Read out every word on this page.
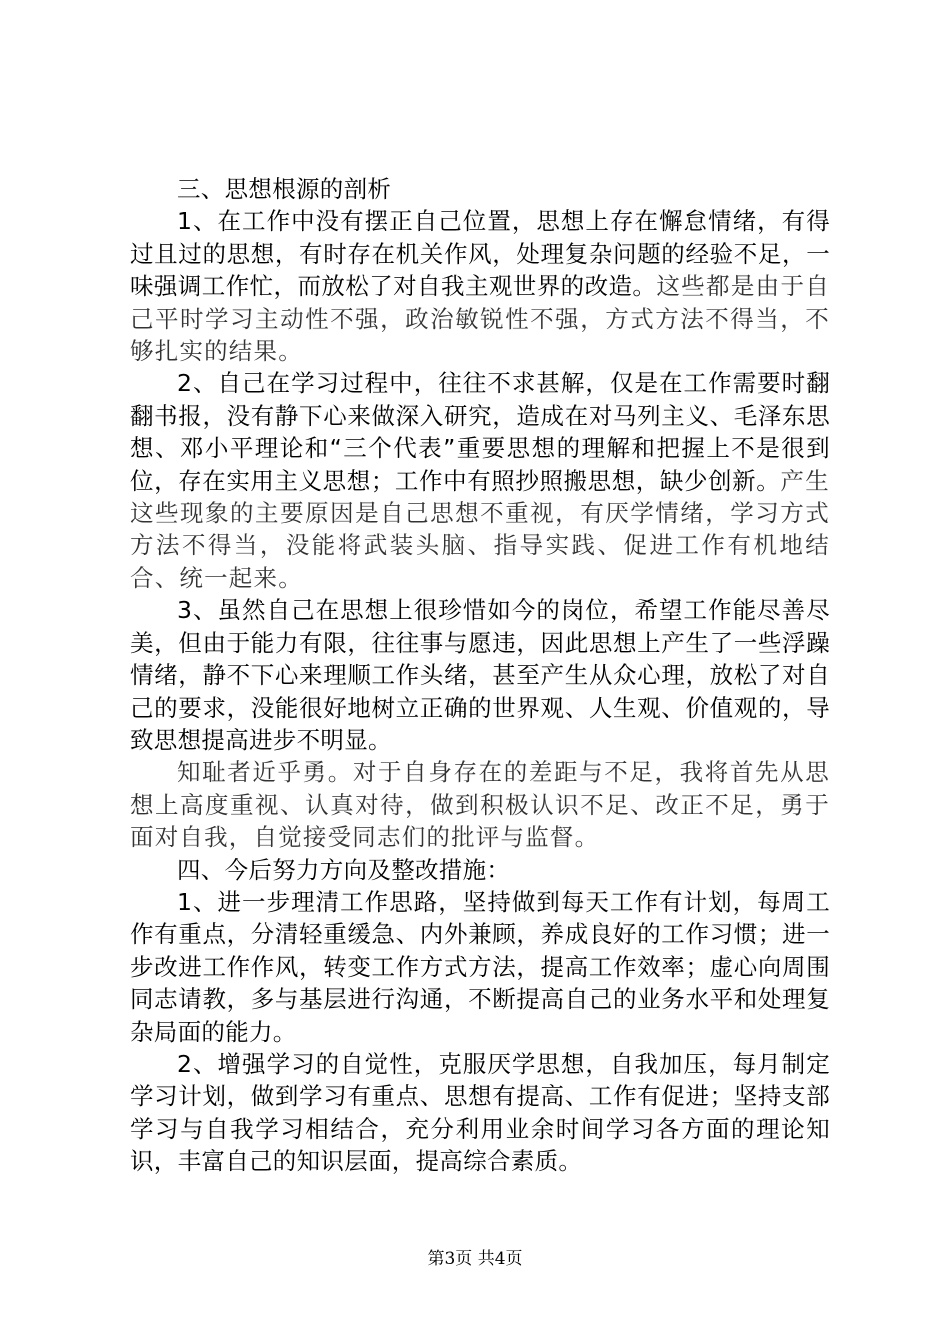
三、思想根源的剖析

1、在工作中没有摆正自己位置，思想上存在懈怠情绪，有得过且过的思想，有时存在机关作风，处理复杂问题的经验不足，一味强调工作忙，而放松了对自我主观世界的改造。这些都是由于自己平时学习主动性不强，政治敏锐性不强，方式方法不得当，不够扎实的结果。

2、自己在学习过程中，往往不求甚解，仅是在工作需要时翻翻书报，没有静下心来做深入研究，造成在对马列主义、毛泽东思想、邓小平理论和“三个代表”重要思想的理解和把握上不是很到位，存在实用主义思想；工作中有照抄照搬思想，缺少创新。产生这些现象的主要原因是自己思想不重视，有厌学情绪，学习方式方法不得当，没能将武装头脑、指导实践、促进工作有机地结合、统一起来。

3、虽然自己在思想上很珍惜如今的岗位，希望工作能尽善尽美，但由于能力有限，往往事与愿违，因此思想上产生了一些浮躁情绪，静不下心来理顺工作头绪，甚至产生从众心理，放松了对自己的要求，没能很好地树立正确的世界观、人生观、价值观的，导致思想提高进步不明显。

知耻者近乎勇。对于自身存在的差距与不足，我将首先从思想上高度重视、认真对待，做到积极认识不足、改正不足，勇于面对自我，自觉接受同志们的批评与监督。

四、今后努力方向及整改措施：

1、进一步理清工作思路，坚持做到每天工作有计划，每周工作有重点，分清轻重缓急、内外兼顾，养成良好的工作习惯；进一步改进工作作风，转变工作方式方法，提高工作效率；虚心向周围同志请教，多与基层进行沟通，不断提高自己的业务水平和处理复杂局面的能力。

2、增强学习的自觉性，克服厌学思想，自我加压，每月制定学习计划，做到学习有重点、思想有提高、工作有促进；坚持支部学习与自我学习相结合，充分利用业余时间学习各方面的理论知识，丰富自己的知识层面，提高综合素质。

第3页 共4页
